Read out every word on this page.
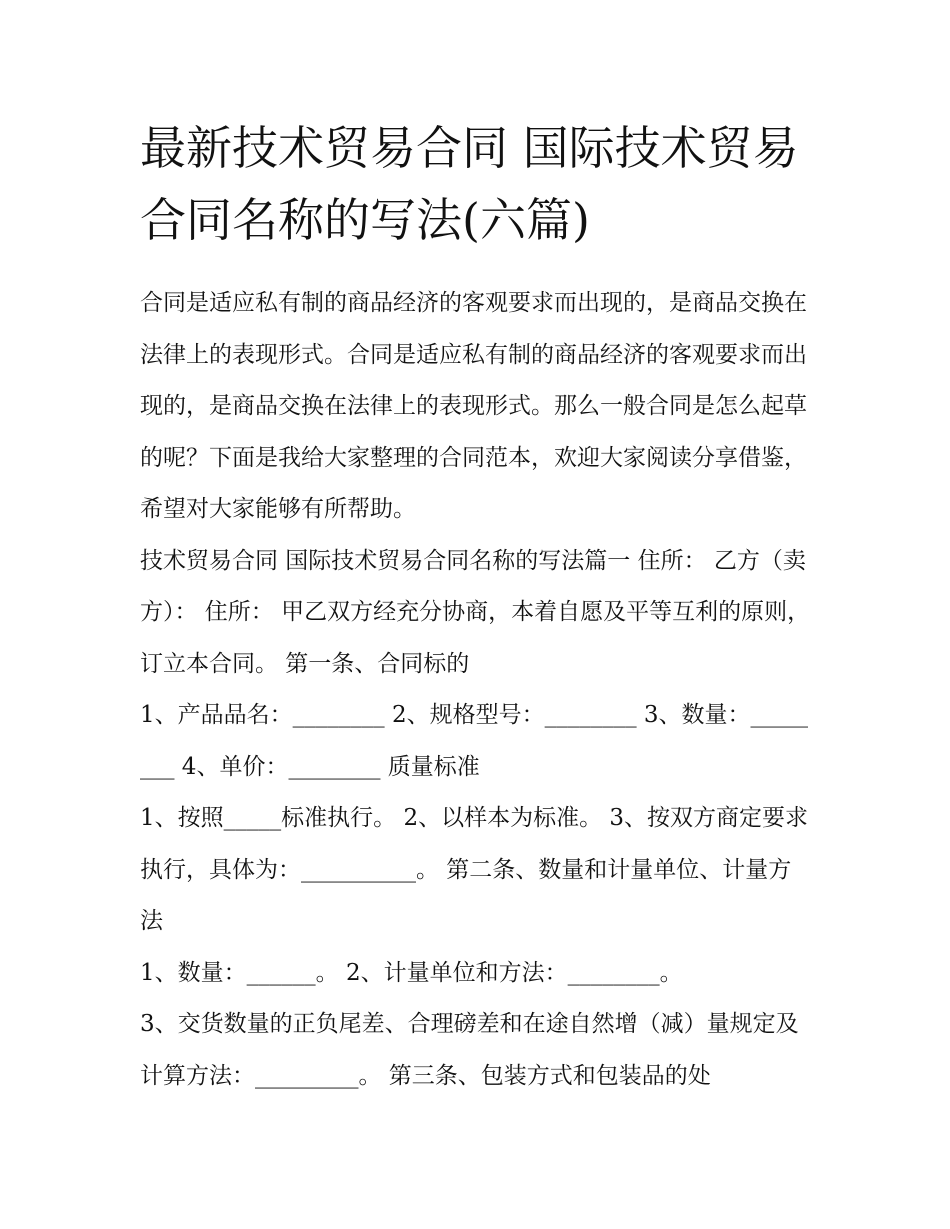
最新技术贸易合同 国际技术贸易合同名称的写法(六篇)

合同是适应私有制的商品经济的客观要求而出现的，是商品交换在法律上的表现形式。合同是适应私有制的商品经济的客观要求而出现的，是商品交换在法律上的表现形式。那么一般合同是怎么起草的呢？下面是我给大家整理的合同范本，欢迎大家阅读分享借鉴，希望对大家能够有所帮助。

技术贸易合同 国际技术贸易合同名称的写法篇一 住所： 乙方（卖方）： 住所： 甲乙双方经充分协商，本着自愿及平等互利的原则，订立本合同。 第一条、合同标的

1、产品品名：________ 2、规格型号：________ 3、数量：________ 4、单价：________ 质量标准

1、按照_____标准执行。 2、以样本为标准。 3、按双方商定要求执行，具体为：__________。 第二条、数量和计量单位、计量方法

1、数量：______。 2、计量单位和方法：________。

3、交货数量的正负尾差、合理磅差和在途自然增（减）量规定及计算方法：_________。 第三条、包装方式和包装品的处
